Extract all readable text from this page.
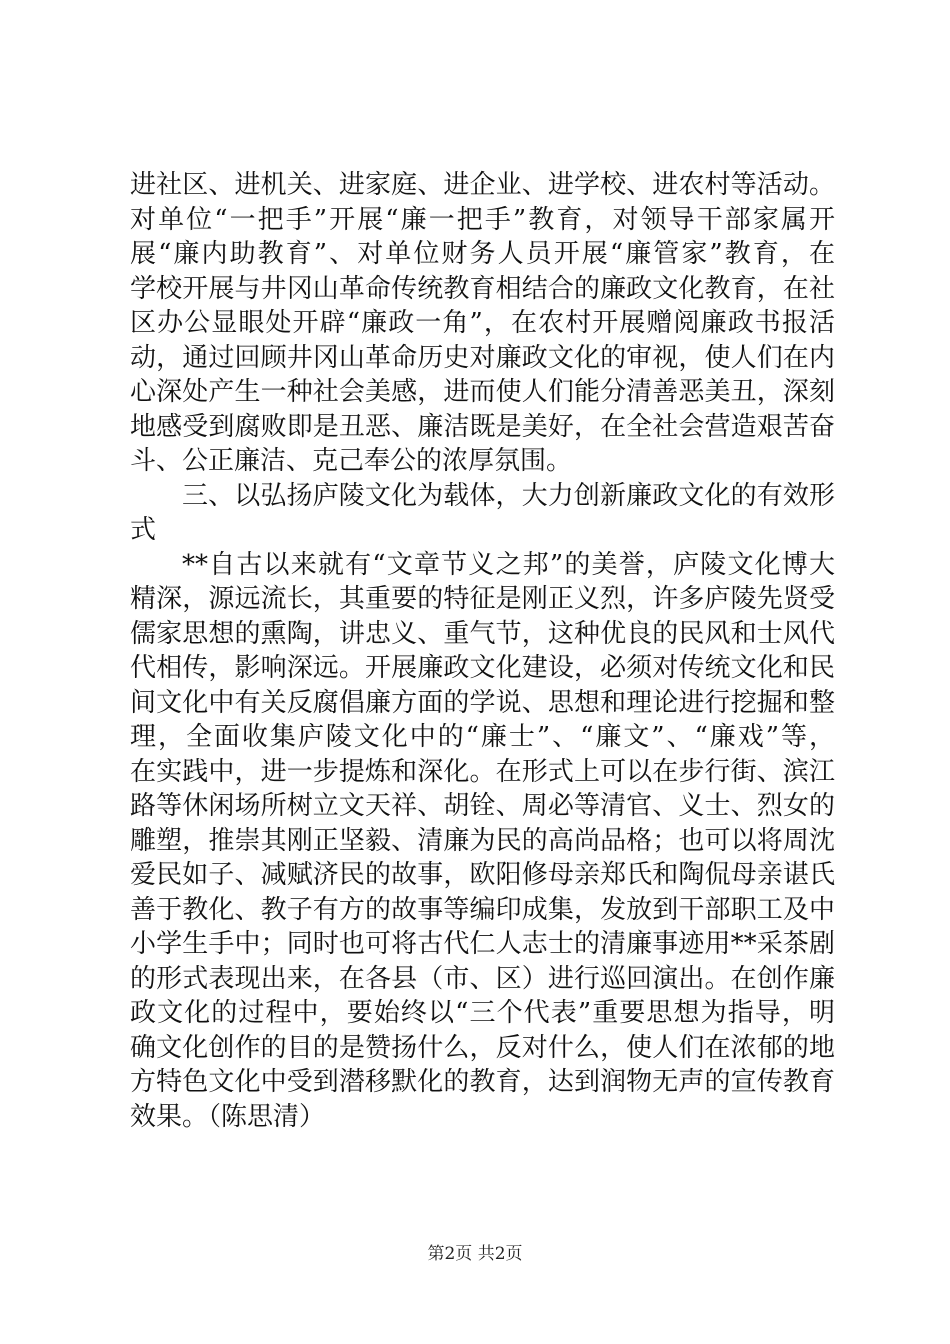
进社区、进机关、进家庭、进企业、进学校、进农村等活动。
对单位“一把手”开展“廉一把手”教育，对领导干部家属开
展“廉内助教育”、对单位财务人员开展“廉管家”教育，在
学校开展与井冈山革命传统教育相结合的廉政文化教育，在社
区办公显眼处开辟“廉政一角”，在农村开展赠阅廉政书报活
动，通过回顾井冈山革命历史对廉政文化的审视，使人们在内
心深处产生一种社会美感，进而使人们能分清善恶美丑，深刻
地感受到腐败即是丑恶、廉洁既是美好，在全社会营造艰苦奋
斗、公正廉洁、克己奉公的浓厚氛围。
三、以弘扬庐陵文化为载体，大力创新廉政文化的有效形
式
**自古以来就有“文章节义之邦”的美誉，庐陵文化博大
精深，源远流长，其重要的特征是刚正义烈，许多庐陵先贤受
儒家思想的熏陶，讲忠义、重气节，这种优良的民风和士风代
代相传，影响深远。开展廉政文化建设，必须对传统文化和民
间文化中有关反腐倡廉方面的学说、思想和理论进行挖掘和整
理，全面收集庐陵文化中的“廉士”、“廉文”、“廉戏”等，
在实践中，进一步提炼和深化。在形式上可以在步行街、滨江
路等休闲场所树立文天祥、胡铨、周必等清官、义士、烈女的
雕塑，推崇其刚正坚毅、清廉为民的高尚品格；也可以将周沈
爱民如子、减赋济民的故事，欧阳修母亲郑氏和陶侃母亲谌氏
善于教化、教子有方的故事等编印成集，发放到干部职工及中
小学生手中；同时也可将古代仁人志士的清廉事迹用**采茶剧
的形式表现出来，在各县（市、区）进行巡回演出。在创作廉
政文化的过程中，要始终以“三个代表”重要思想为指导，明
确文化创作的目的是赞扬什么，反对什么，使人们在浓郁的地
方特色文化中受到潜移默化的教育，达到润物无声的宣传教育
效果。（陈思清）
第2页 共2页
